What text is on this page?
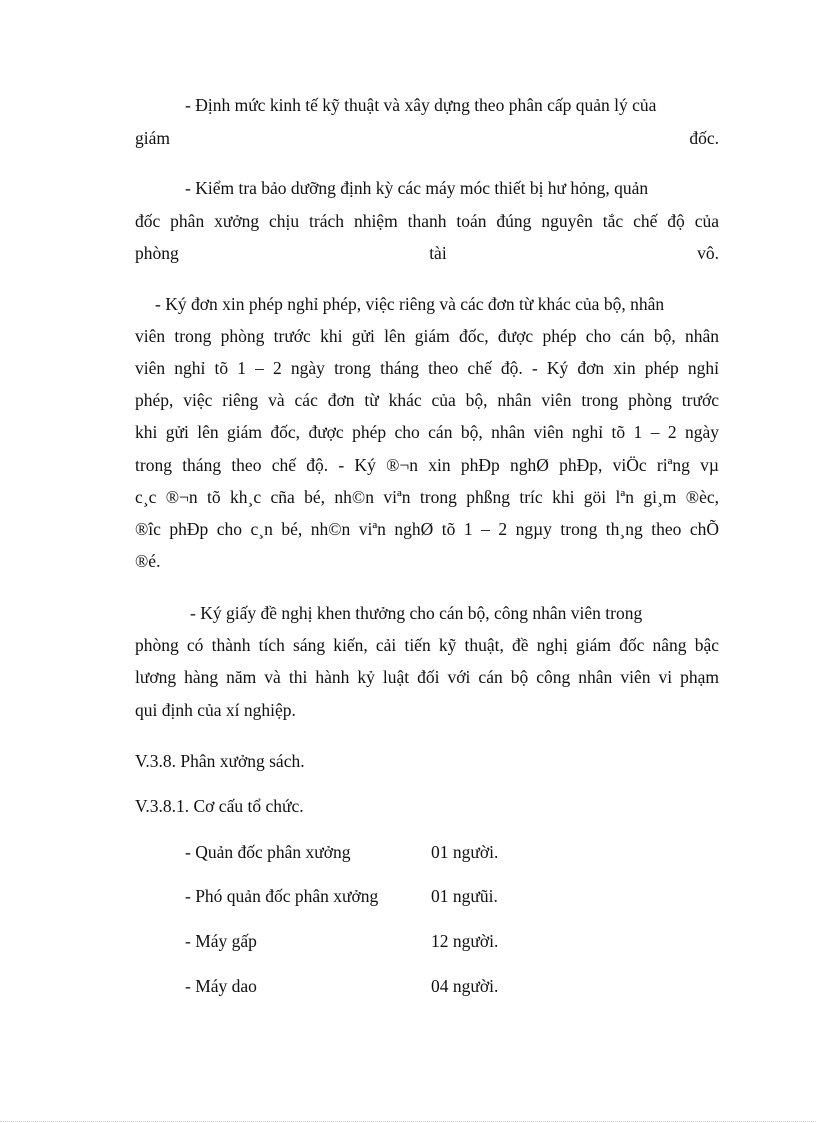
- Định mức kinh tế kỹ thuật và xây dựng theo phân cấp quản lý của
giám đốc.
- Kiểm tra bảo dưỡng định kỳ các máy móc thiết bị hư hỏng, quản
đốc phân xưởng chịu trách nhiệm thanh toán đúng nguyên tắc chế độ của
phòng tài vô.
- Ký đơn xin phép nghỉ phép, việc riêng và các đơn từ khác của bộ, nhân
viên trong phòng trước khi gửi lên giám đốc, được phép cho cán bộ, nhân
viên nghỉ tõ 1 – 2 ngày trong tháng theo chế độ. - Ký đơn xin phép nghỉ
phép, việc riêng và các đơn từ khác của bộ, nhân viên trong phòng trước
khi gửi lên giám đốc, được phép cho cán bộ, nhân viên nghỉ tõ 1 – 2 ngày
trong tháng theo chế độ. - Ký ®¬n xin phÐp nghØ phÐp, viÖc riªng vµ
c¸c ®¬n tõ kh¸c cña bé, nh©n viªn trong phßng tríc khi göi lªn gi¸m ®èc,
®îc phÐp cho c¸n bé, nh©n viªn nghØ tõ 1 – 2 ngµy trong th¸ng theo chÕ
®é.
- Ký giấy đề nghị khen thưởng cho cán bộ, công nhân viên trong
phòng có thành tích sáng kiến, cải tiến kỹ thuật, đề nghị giám đốc nâng bậc
lương hàng năm và thi hành kỷ luật đối với cán bộ công nhân viên vi phạm
qui định của xí nghiệp.
V.3.8. Phân xưởng sách.
V.3.8.1. Cơ cấu tổ chức.
- Quản đốc phân xưởng	01 người.
- Phó quản đốc phân xưởng	01 ngưũi.
- Máy gấp	12 người.
- Máy dao	04 người.
